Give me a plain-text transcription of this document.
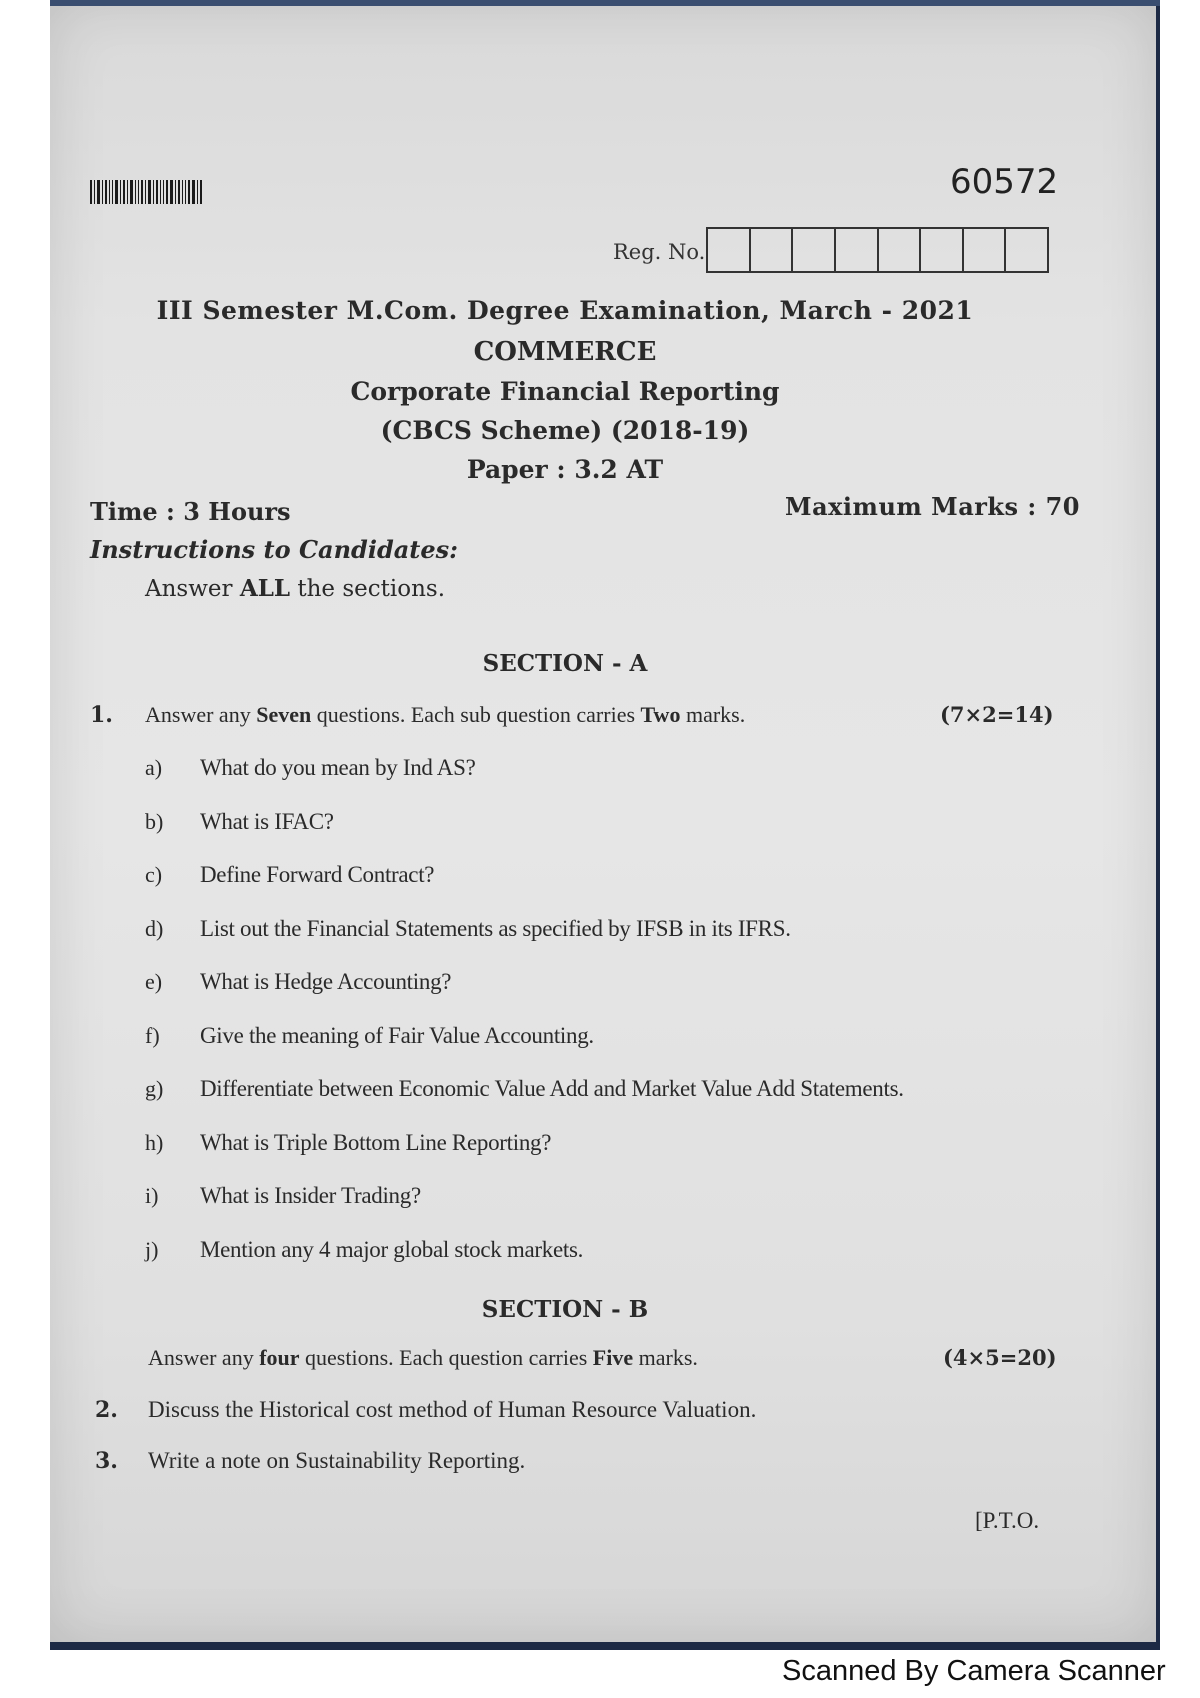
60572
Reg. No.
III Semester M.Com. Degree Examination, March - 2021
COMMERCE
Corporate Financial Reporting
(CBCS Scheme) (2018-19)
Paper : 3.2 AT
Time : 3 Hours	Maximum Marks : 70
Instructions to Candidates:
Answer ALL the sections.
SECTION - A
1. Answer any Seven questions. Each sub question carries Two marks.	(7×2=14)
a) What do you mean by Ind AS?
b) What is IFAC?
c) Define Forward Contract?
d) List out the Financial Statements as specified by IFSB in its IFRS.
e) What is Hedge Accounting?
f) Give the meaning of Fair Value Accounting.
g) Differentiate between Economic Value Add and Market Value Add Statements.
h) What is Triple Bottom Line Reporting?
i) What is Insider Trading?
j) Mention any 4 major global stock markets.
SECTION - B
Answer any four questions. Each question carries Five marks.	(4×5=20)
2. Discuss the Historical cost method of Human Resource Valuation.
3. Write a note on Sustainability Reporting.
[P.T.O.
Scanned By Camera Scanner
